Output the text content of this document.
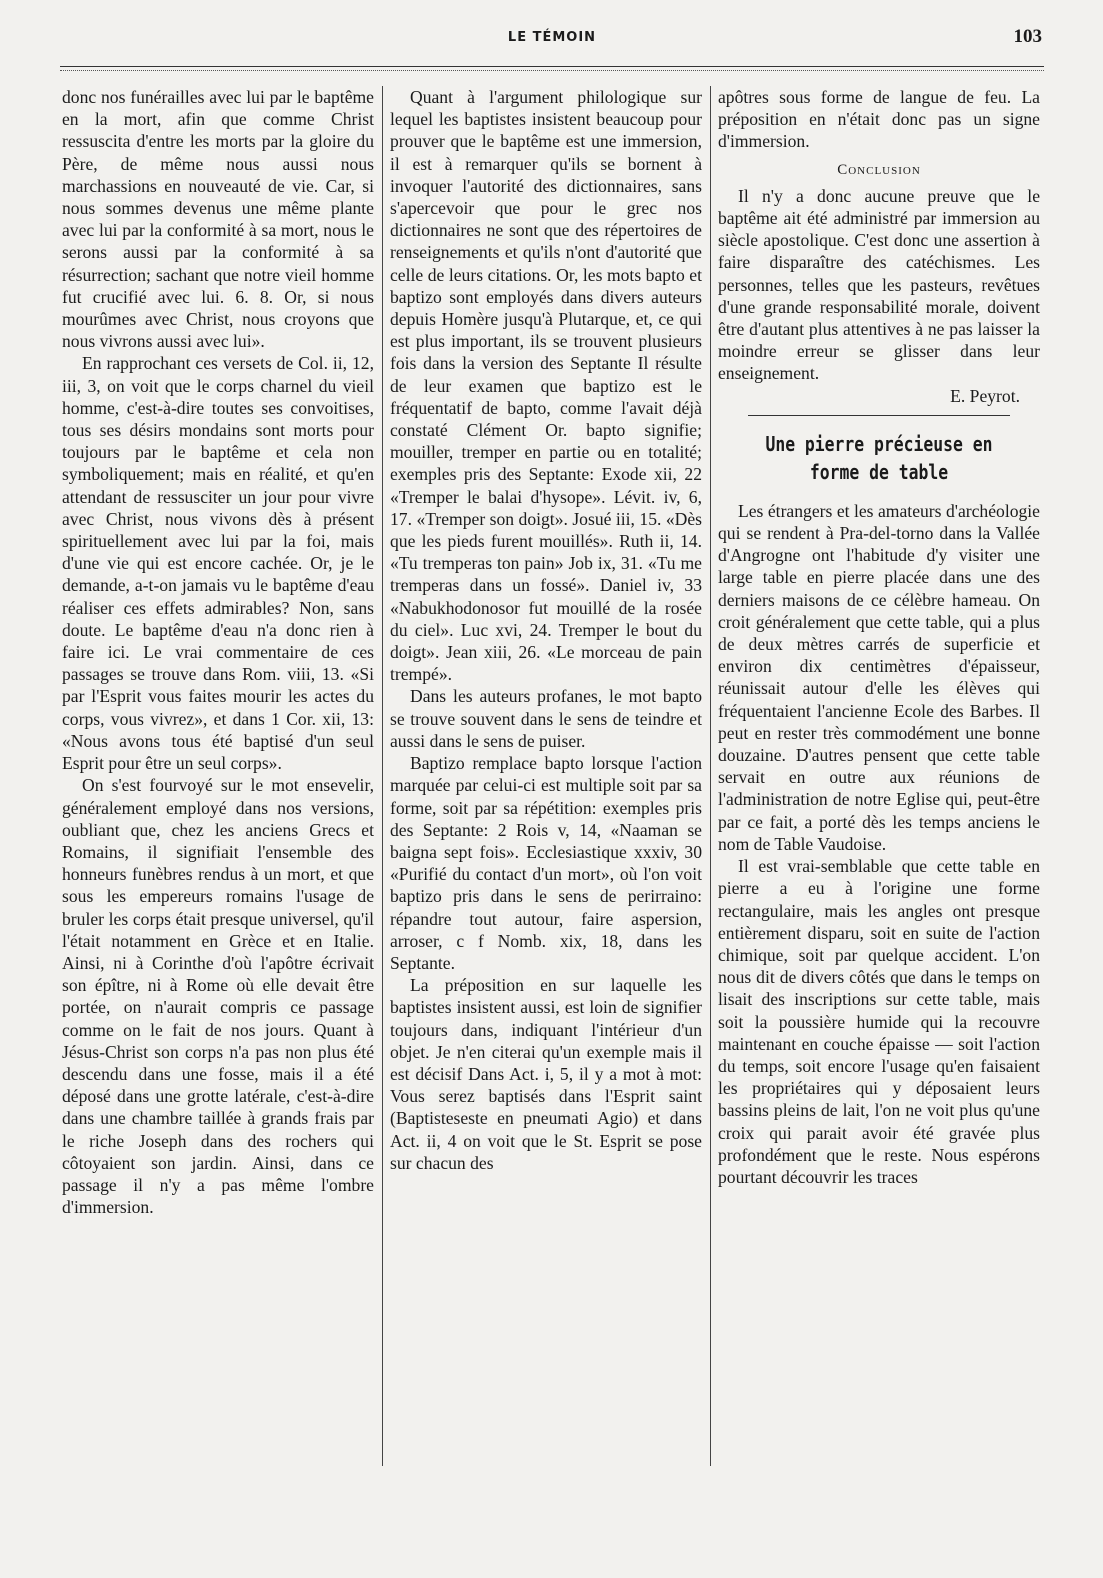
LE TÉMOIN	103

donc nos funérailles avec lui par le baptême en la mort, afin que comme Christ ressuscita d'entre les morts par la gloire du Père, de même nous aussi nous marchassions en nouveauté de vie. Car, si nous sommes devenus une même plante avec lui par la conformité à sa mort, nous le serons aussi par la conformité à sa résurrection; sachant que notre vieil homme fut crucifié avec lui. 6. 8. Or, si nous mourûmes avec Christ, nous croyons que nous vivrons aussi avec lui».

En rapprochant ces versets de Col. ii, 12, iii, 3, on voit que le corps charnel du vieil homme, c'est-à-dire toutes ses convoitises, tous ses désirs mondains sont morts pour toujours par le baptême et cela non symboliquement; mais en réalité, et qu'en attendant de ressusciter un jour pour vivre avec Christ, nous vivons dès à présent spirituellement avec lui par la foi, mais d'une vie qui est encore cachée. Or, je le demande, a-t-on jamais vu le baptême d'eau réaliser ces effets admirables? Non, sans doute. Le baptême d'eau n'a donc rien à faire ici. Le vrai commentaire de ces passages se trouve dans Rom. viii, 13. «Si par l'Esprit vous faites mourir les actes du corps, vous vivrez», et dans 1 Cor. xii, 13: «Nous avons tous été baptisé d'un seul Esprit pour être un seul corps».

On s'est fourvoyé sur le mot ensevelir, généralement employé dans nos versions, oubliant que, chez les anciens Grecs et Romains, il signifiait l'ensemble des honneurs funèbres rendus à un mort, et que sous les empereurs romains l'usage de bruler les corps était presque universel, qu'il l'était notamment en Grèce et en Italie. Ainsi, ni à Corinthe d'où l'apôtre écrivait son épître, ni à Rome où elle devait être portée, on n'aurait compris ce passage comme on le fait de nos jours. Quant à Jésus-Christ son corps n'a pas non plus été descendu dans une fosse, mais il a été déposé dans une grotte latérale, c'est-à-dire dans une chambre taillée à grands frais par le riche Joseph dans des rochers qui côtoyaient son jardin. Ainsi, dans ce passage il n'y a pas même l'ombre d'immersion.

Quant à l'argument philologique sur lequel les baptistes insistent beaucoup pour prouver que le baptême est une immersion, il est à remarquer qu'ils se bornent à invoquer l'autorité des dictionnaires, sans s'apercevoir que pour le grec nos dictionnaires ne sont que des répertoires de renseignements et qu'ils n'ont d'autorité que celle de leurs citations. Or, les mots bapto et baptizo sont employés dans divers auteurs depuis Homère jusqu'à Plutarque, et, ce qui est plus important, ils se trouvent plusieurs fois dans la version des Septante Il résulte de leur examen que baptizo est le fréquentatif de bapto, comme l'avait déjà constaté Clément Or. bapto signifie; mouiller, tremper en partie ou en totalité; exemples pris des Septante: Exode xii, 22 «Tremper le balai d'hysope». Lévit. iv, 6, 17. «Tremper son doigt». Josué iii, 15. «Dès que les pieds furent mouillés». Ruth ii, 14. «Tu tremperas ton pain» Job ix, 31. «Tu me tremperas dans un fossé». Daniel iv, 33 «Nabukhodonosor fut mouillé de la rosée du ciel». Luc xvi, 24. Tremper le bout du doigt». Jean xiii, 26. «Le morceau de pain trempé».

Dans les auteurs profanes, le mot bapto se trouve souvent dans le sens de teindre et aussi dans le sens de puiser.

Baptizo remplace bapto lorsque l'action marquée par celui-ci est multiple soit par sa forme, soit par sa répétition: exemples pris des Septante: 2 Rois v, 14, «Naaman se baigna sept fois». Ecclesiastique xxxiv, 30 «Purifié du contact d'un mort», où l'on voit baptizo pris dans le sens de perirraino: répandre tout autour, faire aspersion, arroser, c f Nomb. xix, 18, dans les Septante.

La préposition en sur laquelle les baptistes insistent aussi, est loin de signifier toujours dans, indiquant l'intérieur d'un objet. Je n'en citerai qu'un exemple mais il est décisif Dans Act. i, 5, il y a mot à mot: Vous serez baptisés dans l'Esprit saint (Baptisteseste en pneumati Agio) et dans Act. ii, 4 on voit que le St. Esprit se pose sur chacun des

apôtres sous forme de langue de feu. La préposition en n'était donc pas un signe d'immersion.

Conclusion

Il n'y a donc aucune preuve que le baptême ait été administré par immersion au siècle apostolique. C'est donc une assertion à faire disparaître des catéchismes. Les personnes, telles que les pasteurs, revêtues d'une grande responsabilité morale, doivent être d'autant plus attentives à ne pas laisser la moindre erreur se glisser dans leur enseignement.

E. Peyrot.

Une pierre précieuse en forme de table

Les étrangers et les amateurs d'archéologie qui se rendent à Pra-del-torno dans la Vallée d'Angrogne ont l'habitude d'y visiter une large table en pierre placée dans une des derniers maisons de ce célèbre hameau. On croit généralement que cette table, qui a plus de deux mètres carrés de superficie et environ dix centimètres d'épaisseur, réunissait autour d'elle les élèves qui fréquentaient l'ancienne Ecole des Barbes. Il peut en rester très commodément une bonne douzaine. D'autres pensent que cette table servait en outre aux réunions de l'administration de notre Eglise qui, peut-être par ce fait, a porté dès les temps anciens le nom de Table Vaudoise.

Il est vrai-semblable que cette table en pierre a eu à l'origine une forme rectangulaire, mais les angles ont presque entièrement disparu, soit en suite de l'action chimique, soit par quelque accident. L'on nous dit de divers côtés que dans le temps on lisait des inscriptions sur cette table, mais soit la poussière humide qui la recouvre maintenant en couche épaisse — soit l'action du temps, soit encore l'usage qu'en faisaient les propriétaires qui y déposaient leurs bassins pleins de lait, l'on ne voit plus qu'une croix qui parait avoir été gravée plus profondément que le reste. Nous espérons pourtant découvrir les traces
